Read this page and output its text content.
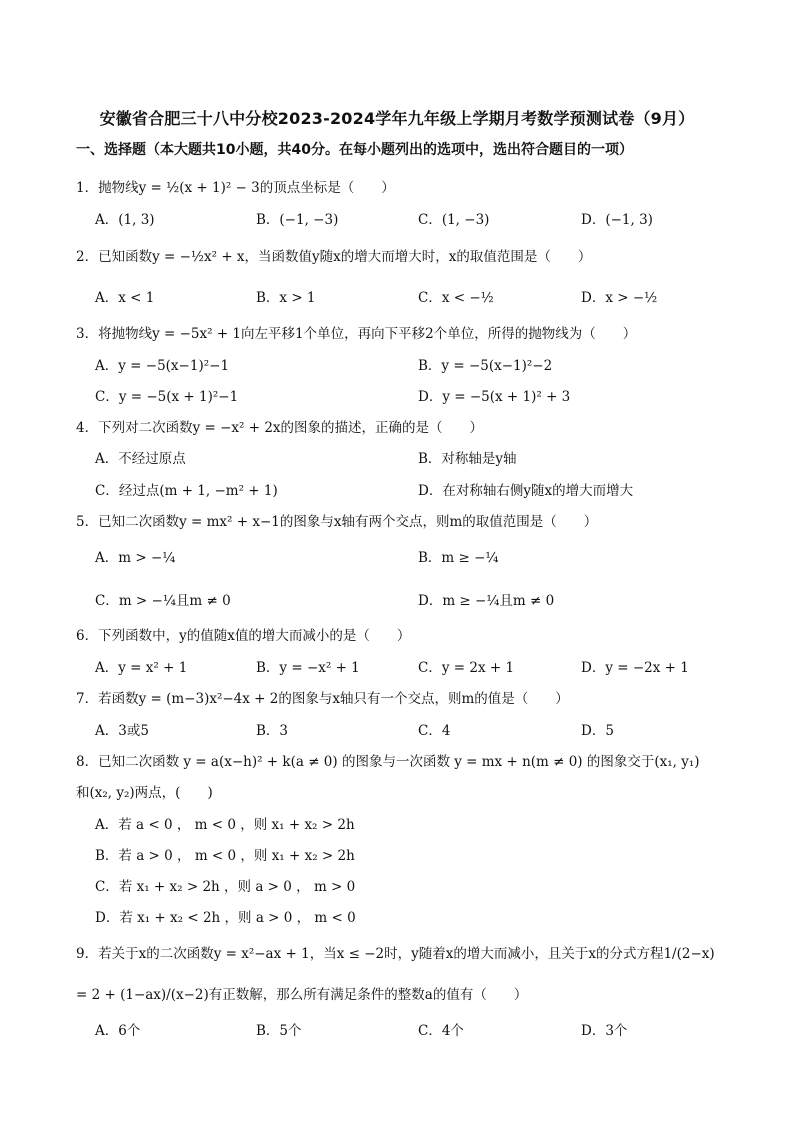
安徽省合肥三十八中分校2023-2024学年九年级上学期月考数学预测试卷（9月）
一、选择题（本大题共10小题，共40分。在每小题列出的选项中，选出符合题目的一项）
1．抛物线y = ½(x + 1)² − 3的顶点坐标是（　　）
A．(1, 3)	B．(−1, −3)	C．(1, −3)	D．(−1, 3)
2．已知函数y = −½x² + x，当函数值y随x的增大而增大时，x的取值范围是（　　）
A．x < 1	B．x > 1	C．x < −½	D．x > −½
3．将抛物线y = −5x² + 1向左平移1个单位，再向下平移2个单位，所得的抛物线为（　　）
A．y = −5(x−1)²−1	B．y = −5(x−1)²−2
C．y = −5(x + 1)²−1	D．y = −5(x + 1)² + 3
4．下列对二次函数y = −x² + 2x的图象的描述，正确的是（　　）
A．不经过原点	B．对称轴是y轴
C．经过点(m + 1, −m² + 1)	D．在对称轴右侧y随x的增大而增大
5．已知二次函数y = mx² + x−1的图象与x轴有两个交点，则m的取值范围是（　　）
A．m > −¼	B．m ≥ −¼
C．m > −¼且m ≠ 0	D．m ≥ −¼且m ≠ 0
6．下列函数中，y的值随x值的增大而减小的是（　　）
A．y = x² + 1	B．y = −x² + 1	C．y = 2x + 1	D．y = −2x + 1
7．若函数y = (m−3)x²−4x + 2的图象与x轴只有一个交点，则m的值是（　　）
A．3或5	B．3	C．4	D．5
8．已知二次函数 y = a(x−h)² + k(a ≠ 0) 的图象与一次函数 y = mx + n(m ≠ 0) 的图象交于(x₁, y₁)
和(x₂, y₂)两点，(　　)
A．若 a < 0 ， m < 0 ，则 x₁ + x₂ > 2h
B．若 a > 0 ， m < 0 ，则 x₁ + x₂ > 2h
C．若 x₁ + x₂ > 2h ，则 a > 0 ， m > 0
D．若 x₁ + x₂ < 2h ，则 a > 0 ， m < 0
9．若关于x的二次函数y = x²−ax + 1，当x ≤ −2时，y随着x的增大而减小，且关于x的分式方程1/(2−x)
= 2 + (1−ax)/(x−2)有正数解，那么所有满足条件的整数a的值有（　　）
A．6个	B．5个	C．4个	D．3个
